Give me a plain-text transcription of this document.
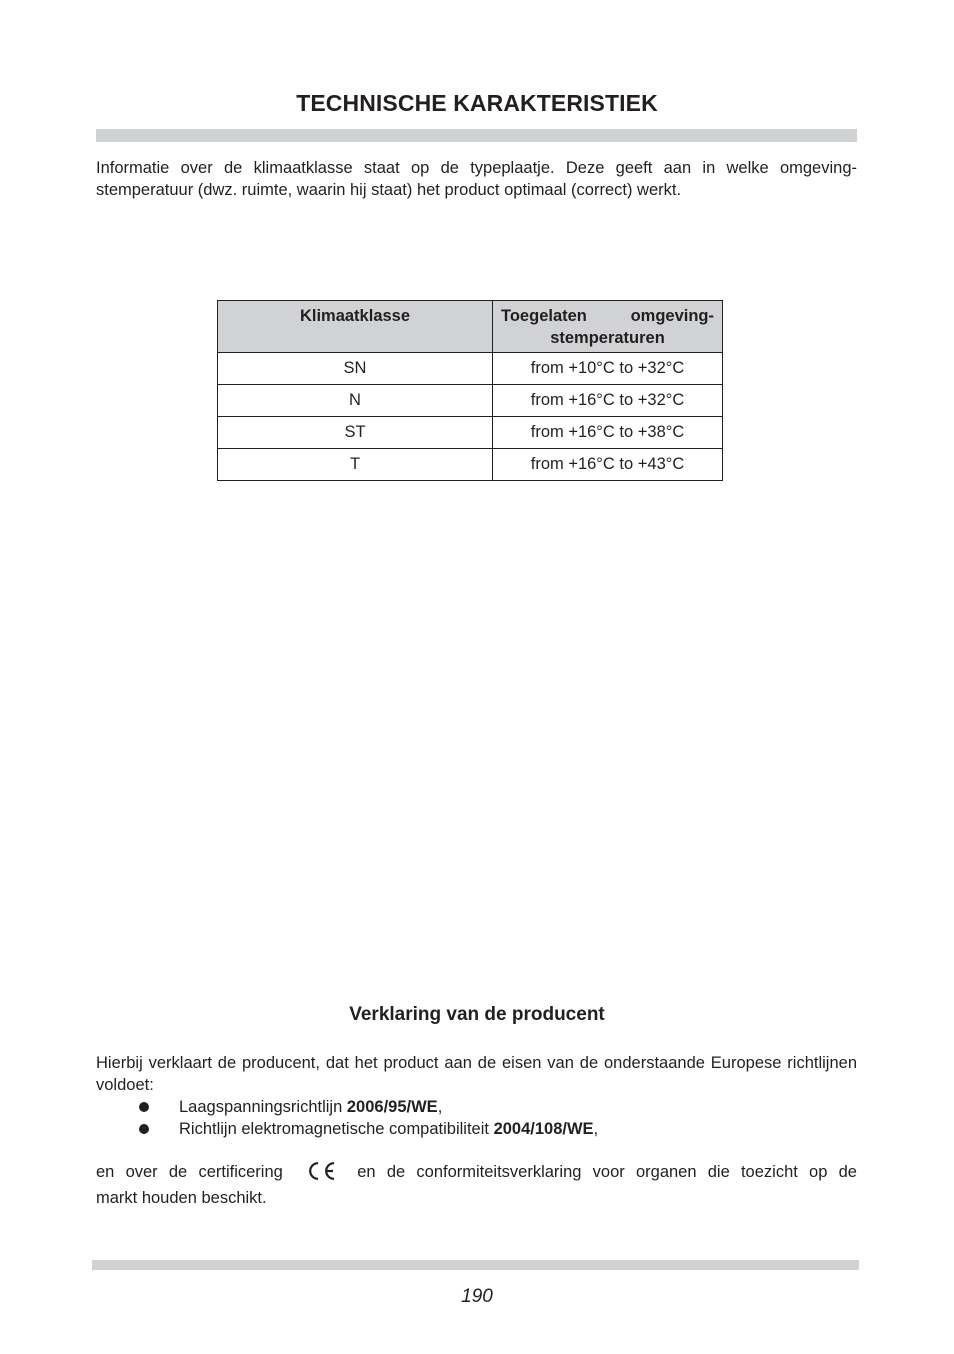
TECHNISCHE KARAKTERISTIEK

Informatie over de klimaatklasse staat op de typeplaatje. Deze geeft aan in welke omgeving-stemperatuur (dwz. ruimte, waarin hij staat) het product optimaal (correct) werkt.

Klimaatklasse	Toegelaten omgeving-
stemperaturen

SN	from +10°C to +32°C
N	from +16°C to +32°C
ST	from +16°C to +38°C
T	from +16°C to +43°C
Verklaring van de producent

Hierbij verklaart de producent, dat het product aan de eisen van de onderstaande Europese richtlijnen voldoet:

Laagspanningsrichtlijn 2006/95/WE,
Richtlijn elektromagnetische compatibiliteit 2004/108/WE,
en over de certificering	en de conformiteitsverklaring voor organen die toezicht op de
markt houden beschikt.
190
